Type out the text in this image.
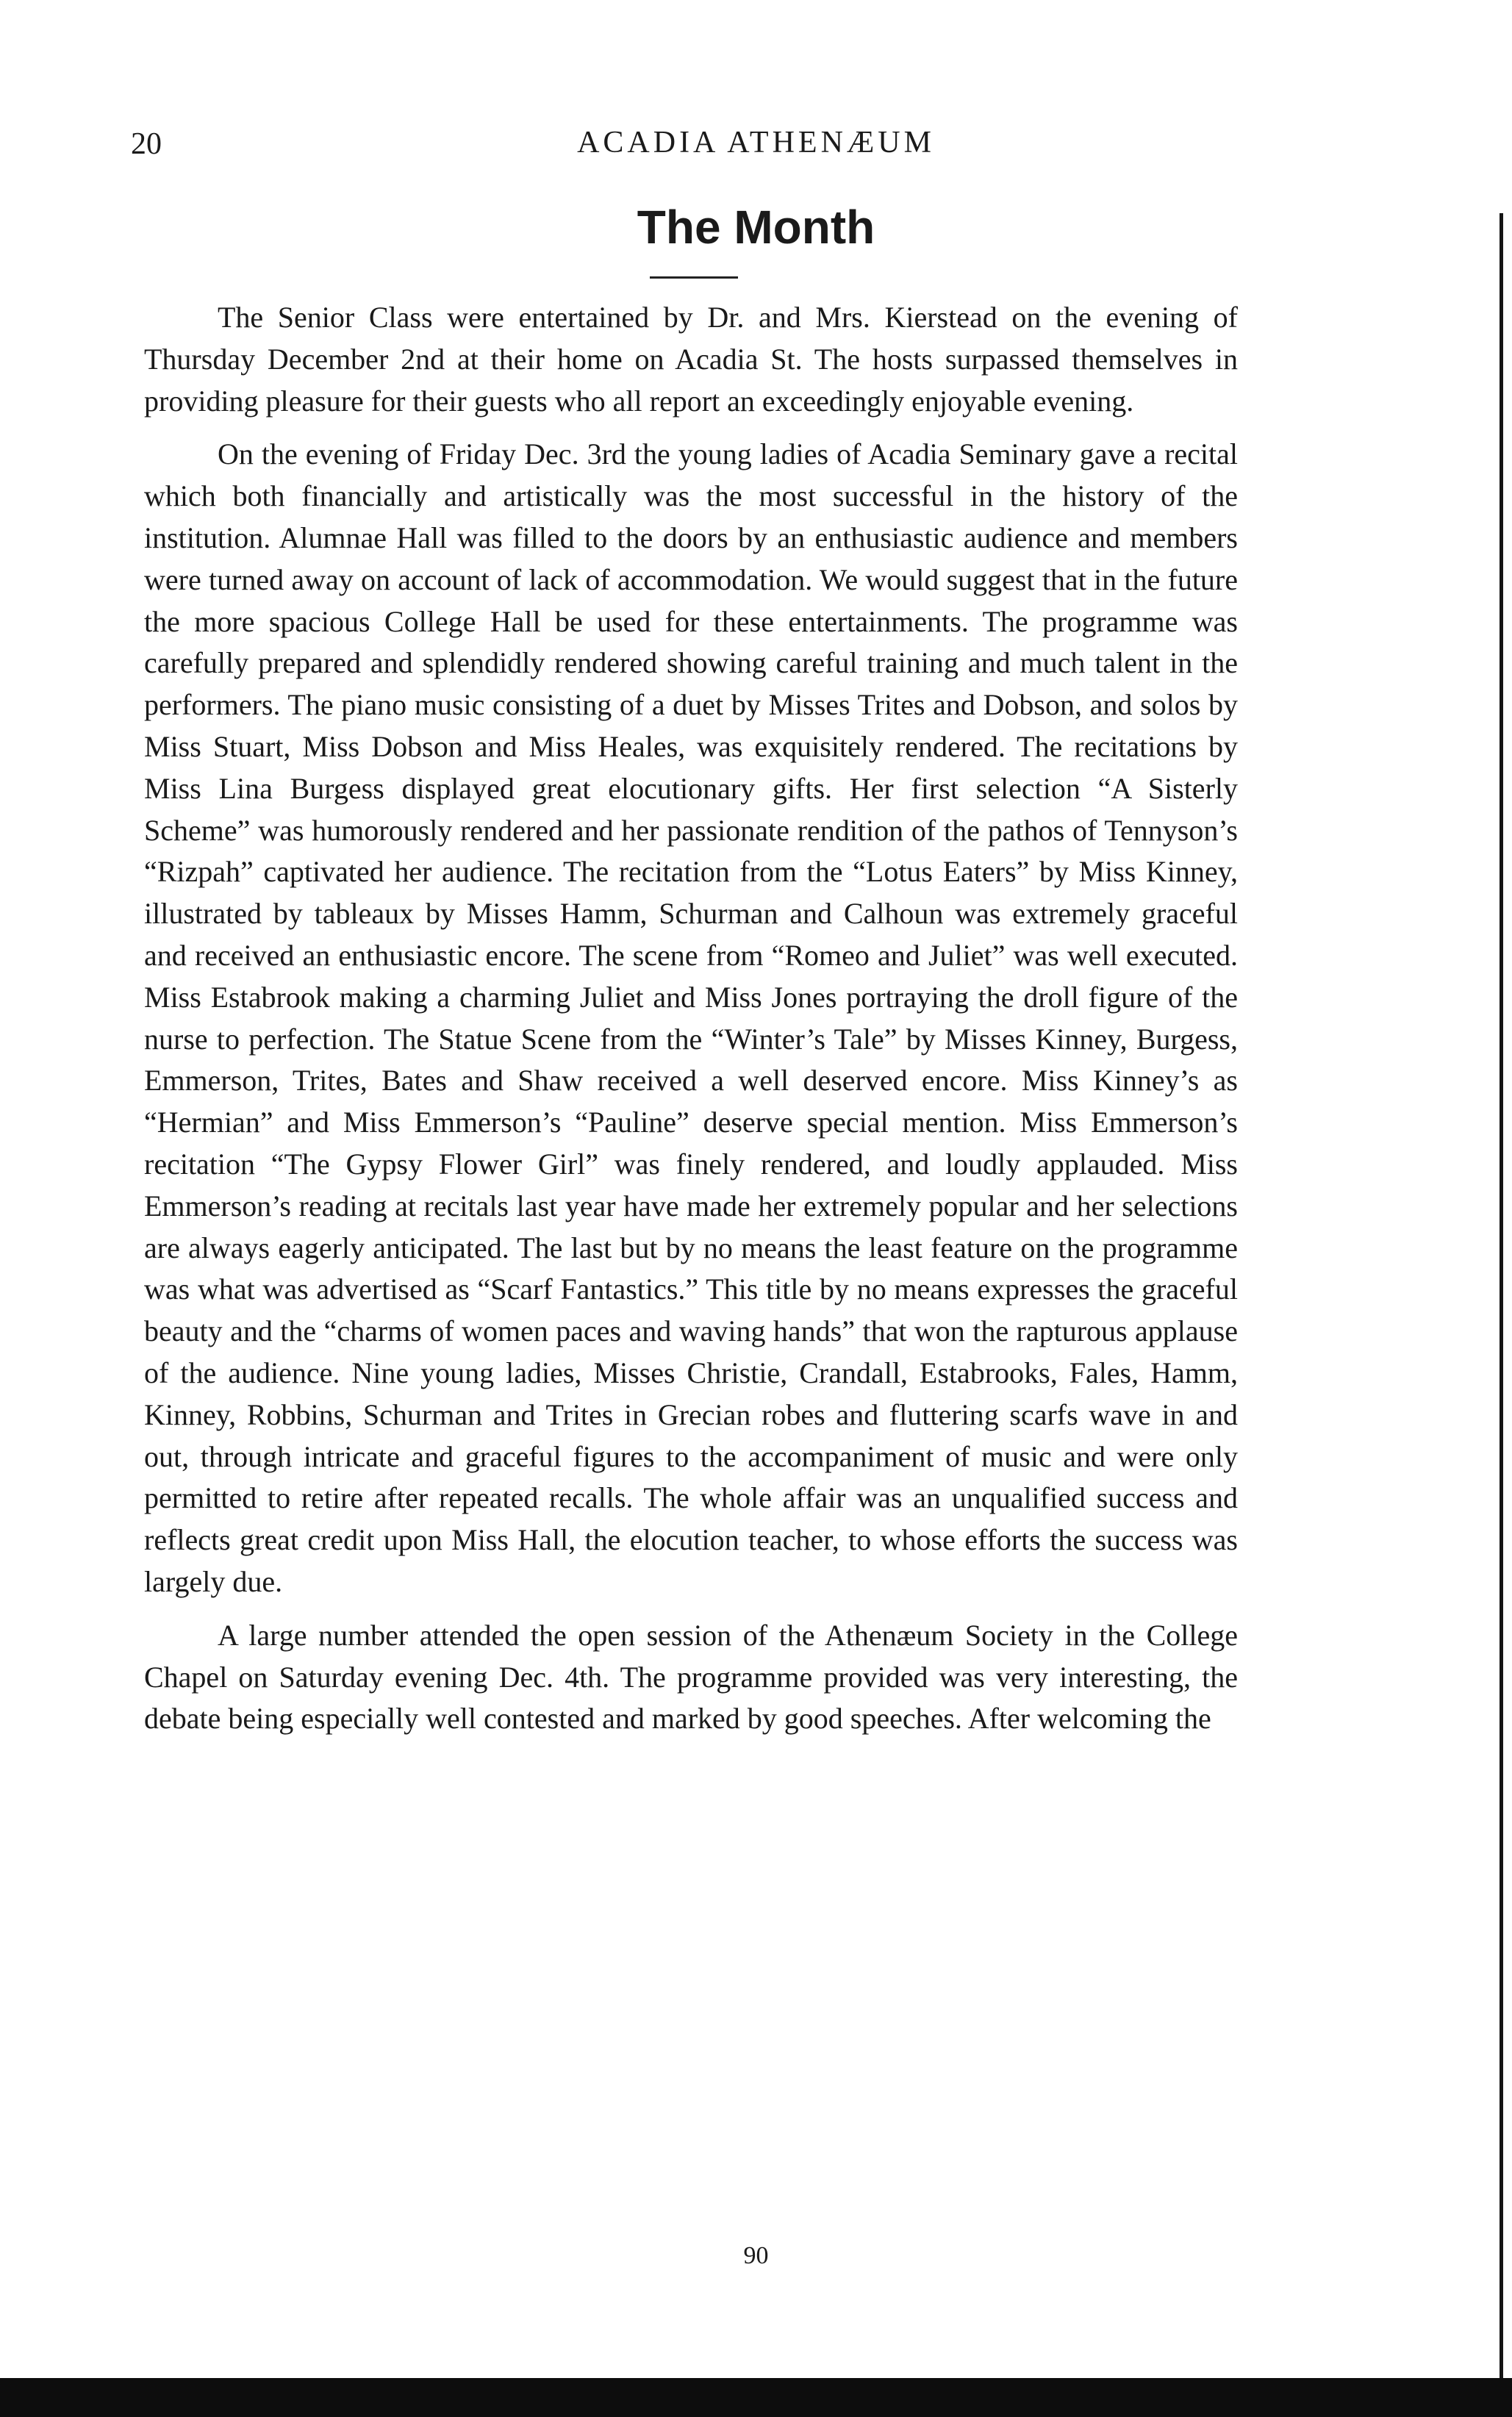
20	ACADIA ATHENÆUM
The Month

The Senior Class were entertained by Dr. and Mrs. Kierstead on the evening of Thursday December 2nd at their home on Acadia St. The hosts surpassed themselves in providing pleasure for their guests who all report an exceedingly enjoyable evening.

On the evening of Friday Dec. 3rd the young ladies of Acadia Seminary gave a recital which both financially and artistically was the most successful in the history of the institution. Alumnae Hall was filled to the doors by an enthusiastic audience and members were turned away on account of lack of accommodation. We would suggest that in the future the more spacious College Hall be used for these entertainments. The programme was carefully prepared and splendidly rendered showing careful training and much talent in the performers. The piano music consisting of a duet by Misses Trites and Dobson, and solos by Miss Stuart, Miss Dobson and Miss Heales, was exquisitely rendered. The recitations by Miss Lina Burgess displayed great elocutionary gifts. Her first selection “A Sisterly Scheme” was humorously rendered and her passionate rendition of the pathos of Tennyson’s “Rizpah” captivated her audience. The recitation from the “Lotus Eaters” by Miss Kinney, illustrated by tableaux by Misses Hamm, Schurman and Calhoun was extremely graceful and received an enthusiastic encore. The scene from “Romeo and Juliet” was well executed. Miss Estabrook making a charming Juliet and Miss Jones portraying the droll figure of the nurse to perfection. The Statue Scene from the “Winter’s Tale” by Misses Kinney, Burgess, Emmerson, Trites, Bates and Shaw received a well deserved encore. Miss Kinney’s as “Hermian” and Miss Emmerson’s “Pauline” deserve special mention. Miss Emmerson’s recitation “The Gypsy Flower Girl” was finely rendered, and loudly applauded. Miss Emmerson’s reading at recitals last year have made her extremely popular and her selections are always eagerly anticipated. The last but by no means the least feature on the programme was what was advertised as “Scarf Fantastics.” This title by no means expresses the graceful beauty and the “charms of women paces and waving hands” that won the rapturous applause of the audience. Nine young ladies, Misses Christie, Crandall, Estabrooks, Fales, Hamm, Kinney, Robbins, Schurman and Trites in Grecian robes and fluttering scarfs wave in and out, through intricate and graceful figures to the accompaniment of music and were only permitted to retire after repeated recalls. The whole affair was an unqualified success and reflects great credit upon Miss Hall, the elocution teacher, to whose efforts the success was largely due.

A large number attended the open session of the Athenæum Society in the College Chapel on Saturday evening Dec. 4th. The programme provided was very interesting, the debate being especially well contested and marked by good speeches. After welcoming the

90
